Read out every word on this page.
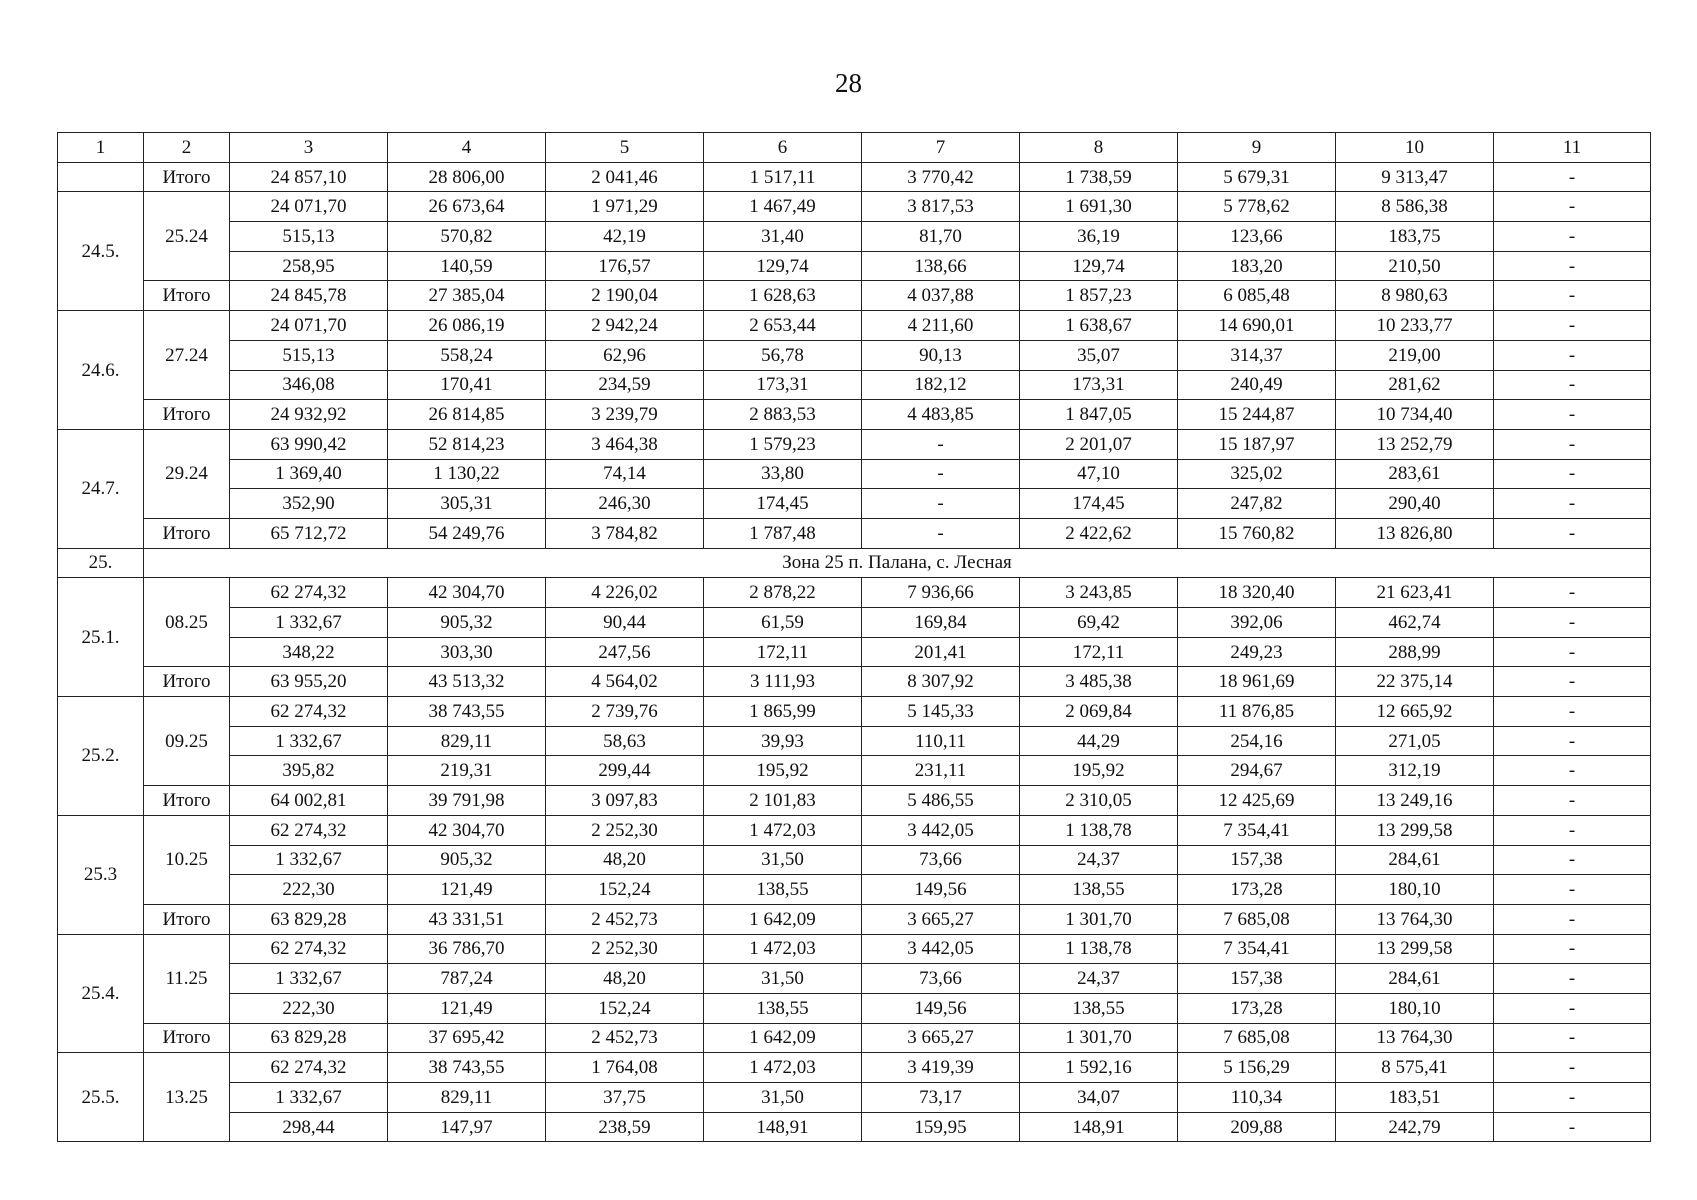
28
1	2	3	4	5	6	7	8	9	10	11
	Итого	24 857,10	28 806,00	2 041,46	1 517,11	3 770,42	1 738,59	5 679,31	9 313,47	-
24.5.	25.24	24 071,70	26 673,64	1 971,29	1 467,49	3 817,53	1 691,30	5 778,62	8 586,38	-
		515,13	570,82	42,19	31,40	81,70	36,19	123,66	183,75	-
		258,95	140,59	176,57	129,74	138,66	129,74	183,20	210,50	-
	Итого	24 845,78	27 385,04	2 190,04	1 628,63	4 037,88	1 857,23	6 085,48	8 980,63	-
24.6.	27.24	24 071,70	26 086,19	2 942,24	2 653,44	4 211,60	1 638,67	14 690,01	10 233,77	-
		515,13	558,24	62,96	56,78	90,13	35,07	314,37	219,00	-
		346,08	170,41	234,59	173,31	182,12	173,31	240,49	281,62	-
	Итого	24 932,92	26 814,85	3 239,79	2 883,53	4 483,85	1 847,05	15 244,87	10 734,40	-
24.7.	29.24	63 990,42	52 814,23	3 464,38	1 579,23	-	2 201,07	15 187,97	13 252,79	-
		1 369,40	1 130,22	74,14	33,80	-	47,10	325,02	283,61	-
		352,90	305,31	246,30	174,45	-	174,45	247,82	290,40	-
	Итого	65 712,72	54 249,76	3 784,82	1 787,48	-	2 422,62	15 760,82	13 826,80	-
25.	Зона 25 п. Палана, с. Лесная									
25.1.	08.25	62 274,32	42 304,70	4 226,02	2 878,22	7 936,66	3 243,85	18 320,40	21 623,41	-
		1 332,67	905,32	90,44	61,59	169,84	69,42	392,06	462,74	-
		348,22	303,30	247,56	172,11	201,41	172,11	249,23	288,99	-
	Итого	63 955,20	43 513,32	4 564,02	3 111,93	8 307,92	3 485,38	18 961,69	22 375,14	-
25.2.	09.25	62 274,32	38 743,55	2 739,76	1 865,99	5 145,33	2 069,84	11 876,85	12 665,92	-
		1 332,67	829,11	58,63	39,93	110,11	44,29	254,16	271,05	-
		395,82	219,31	299,44	195,92	231,11	195,92	294,67	312,19	-
	Итого	64 002,81	39 791,98	3 097,83	2 101,83	5 486,55	2 310,05	12 425,69	13 249,16	-
25.3	10.25	62 274,32	42 304,70	2 252,30	1 472,03	3 442,05	1 138,78	7 354,41	13 299,58	-
		1 332,67	905,32	48,20	31,50	73,66	24,37	157,38	284,61	-
		222,30	121,49	152,24	138,55	149,56	138,55	173,28	180,10	-
	Итого	63 829,28	43 331,51	2 452,73	1 642,09	3 665,27	1 301,70	7 685,08	13 764,30	-
25.4.	11.25	62 274,32	36 786,70	2 252,30	1 472,03	3 442,05	1 138,78	7 354,41	13 299,58	-
		1 332,67	787,24	48,20	31,50	73,66	24,37	157,38	284,61	-
		222,30	121,49	152,24	138,55	149,56	138,55	173,28	180,10	-
	Итого	63 829,28	37 695,42	2 452,73	1 642,09	3 665,27	1 301,70	7 685,08	13 764,30	-
25.5.	13.25	62 274,32	38 743,55	1 764,08	1 472,03	3 419,39	1 592,16	5 156,29	8 575,41	-
		1 332,67	829,11	37,75	31,50	73,17	34,07	110,34	183,51	-
		298,44	147,97	238,59	148,91	159,95	148,91	209,88	242,79	-
